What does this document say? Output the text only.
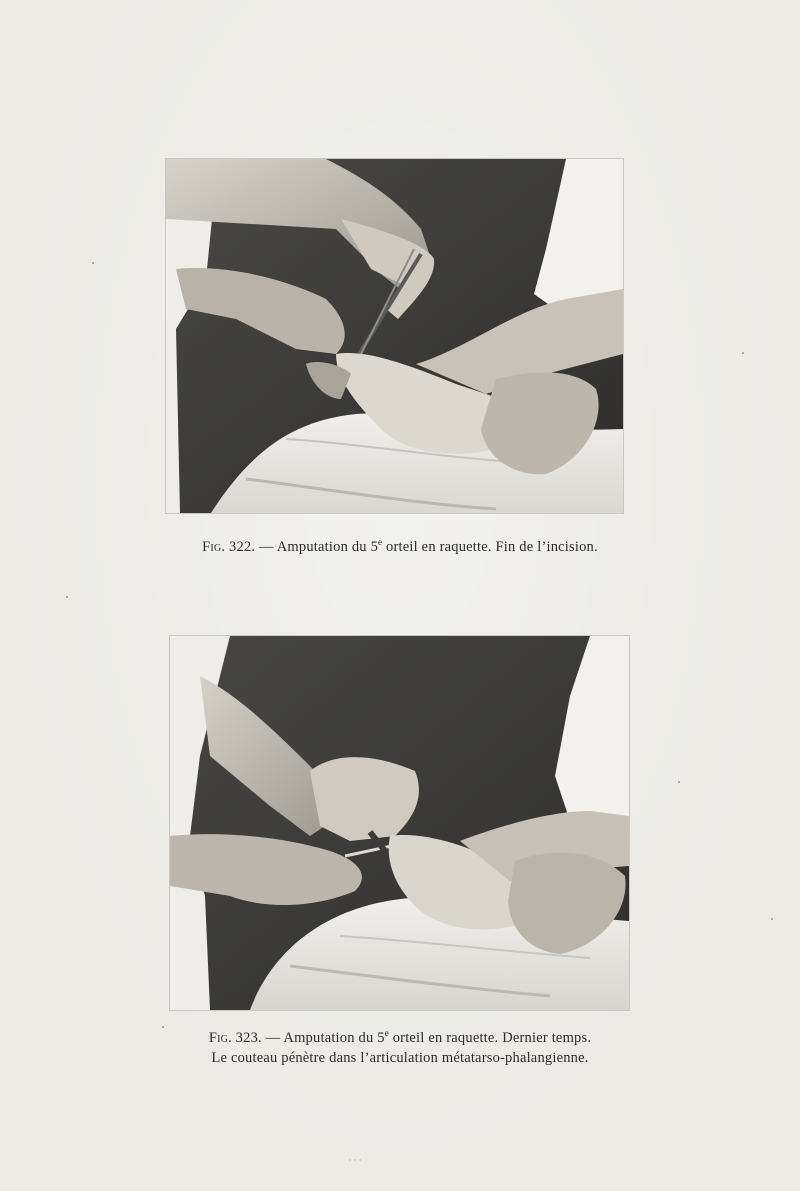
Fig. 322. — Amputation du 5e orteil en raquette. Fin de l’incision.
Fig. 323. — Amputation du 5e orteil en raquette. Dernier temps.
Le couteau pénètre dans l’articulation métatarso-phalangienne.
· · ·
